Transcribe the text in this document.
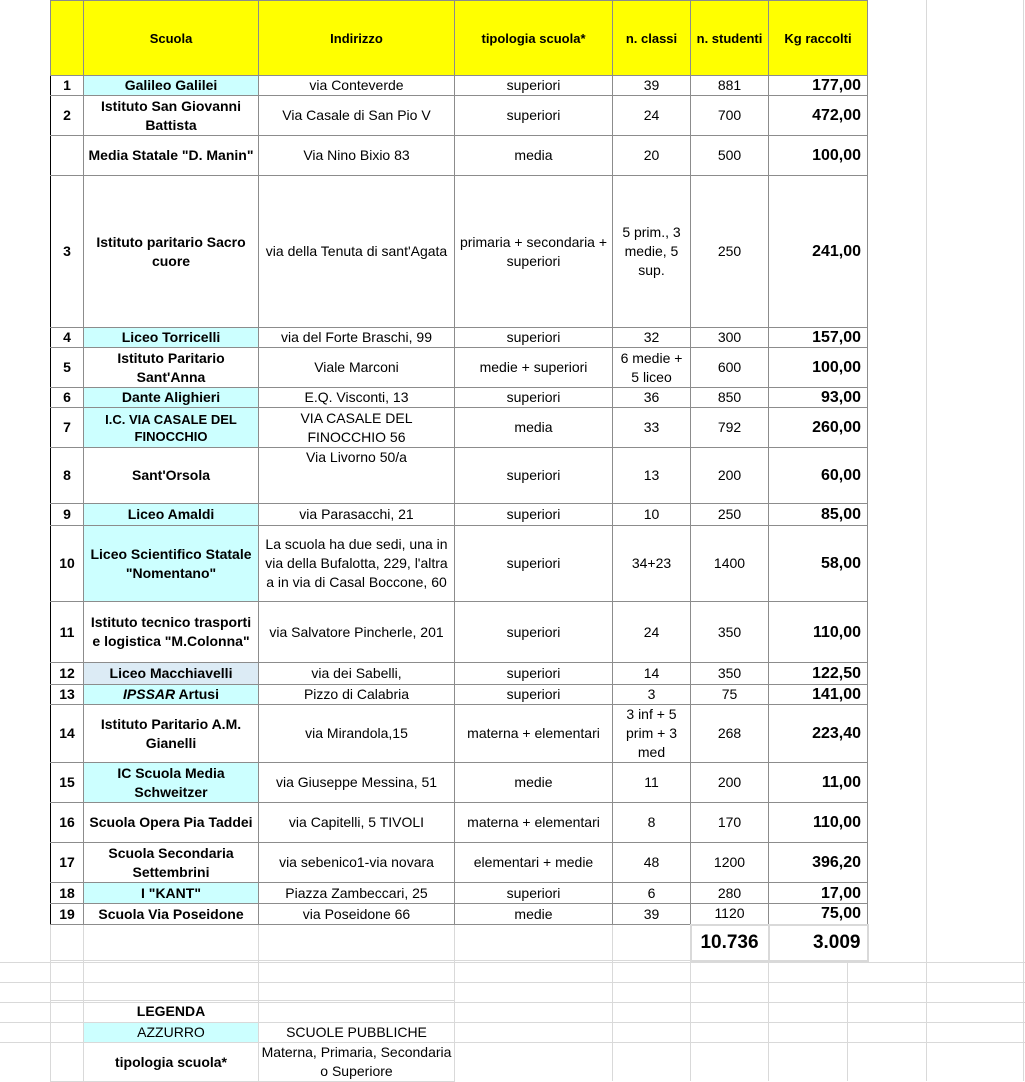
	Scuola	Indirizzo	tipologia scuola*	n. classi	n. studenti	Kg raccolti
1	Galileo Galilei	via Conteverde	superiori	39	881	177,00
2	Istituto San Giovanni Battista	Via Casale di San Pio V	superiori	24	700	472,00
	Media Statale "D. Manin"	Via Nino Bixio 83	media	20	500	100,00
3	Istituto paritario Sacro cuore	via della Tenuta di sant'Agata	primaria + secondaria + superiori	5 prim., 3 medie, 5 sup.	250	241,00
4	Liceo Torricelli	via del Forte Braschi, 99	superiori	32	300	157,00
5	Istituto Paritario Sant'Anna	Viale Marconi	medie + superiori	6 medie + 5 liceo	600	100,00
6	Dante Alighieri	E.Q. Visconti, 13	superiori	36	850	93,00
7	I.C. VIA CASALE DEL FINOCCHIO	VIA CASALE DEL FINOCCHIO 56	media	33	792	260,00
8	Sant'Orsola	Via Livorno 50/a	superiori	13	200	60,00
9	Liceo Amaldi	via Parasacchi, 21	superiori	10	250	85,00
10	Liceo Scientifico Statale "Nomentano"	La scuola ha due sedi, una in via della Bufalotta, 229, l'altra a in via di Casal Boccone, 60	superiori	34+23	1400	58,00
11	Istituto tecnico trasporti e logistica "M.Colonna"	via Salvatore Pincherle, 201	superiori	24	350	110,00
12	Liceo Macchiavelli	via dei Sabelli,	superiori	14	350	122,50
13	IPSSAR Artusi	Pizzo di Calabria	superiori	3	75	141,00
14	Istituto Paritario A.M. Gianelli	via Mirandola,15	materna + elementari	3 inf + 5 prim + 3 med	268	223,40
15	IC Scuola Media Schweitzer	via Giuseppe Messina, 51	medie	11	200	11,00
16	Scuola Opera Pia Taddei	via Capitelli, 5 TIVOLI	materna + elementari	8	170	110,00
17	Scuola Secondaria Settembrini	via sebenico1-via novara	elementari + medie	48	1200	396,20
18	I "KANT"	Piazza Zambeccari, 25	superiori	6	280	17,00
19	Scuola Via Poseidone	via Poseidone 66	medie	39	1120	75,00
					10.736	3.009
	LEGENDA	
	AZZURRO	SCUOLE PUBBLICHE
	tipologia scuola*	Materna, Primaria, Secondaria o Superiore
